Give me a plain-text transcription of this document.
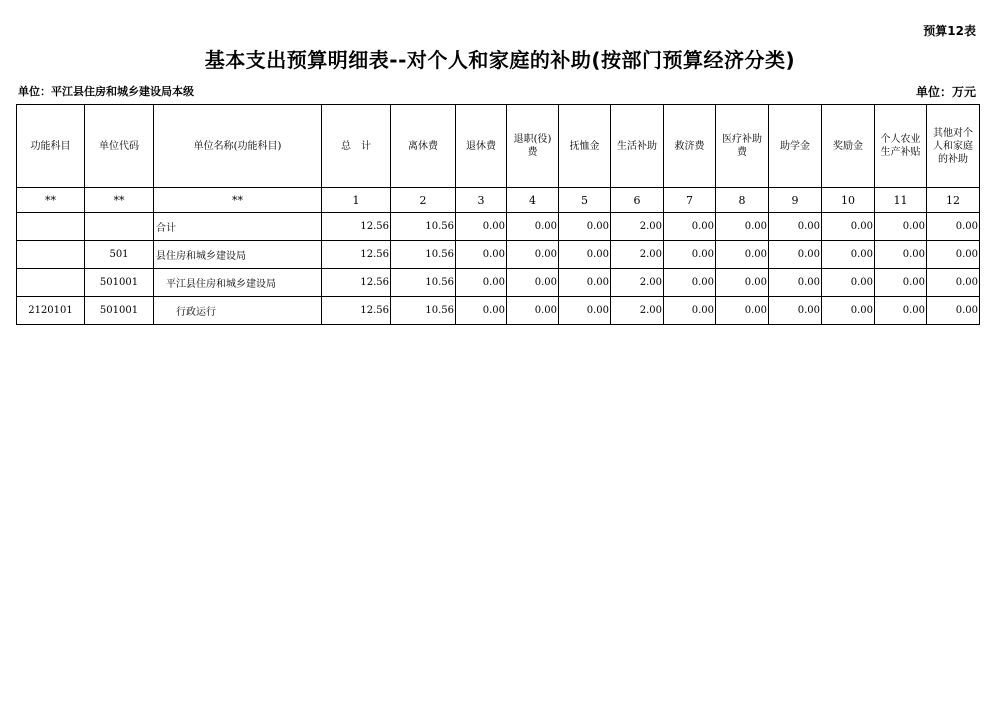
预算12表
基本支出预算明细表--对个人和家庭的补助(按部门预算经济分类)
单位：平江县住房和城乡建设局本级	单位：万元
功能科目	单位代码	单位名称(功能科目)	总　计	离休费	退休费	退职(役)费	抚恤金	生活补助	救济费	医疗补助费	助学金	奖励金	个人农业生产补贴	其他对个人和家庭的补助
**	**	**	1	2	3	4	5	6	7	8	9	10	11	12
		合计	12.56	10.56	0.00	0.00	0.00	2.00	0.00	0.00	0.00	0.00	0.00	0.00
	501	县住房和城乡建设局	12.56	10.56	0.00	0.00	0.00	2.00	0.00	0.00	0.00	0.00	0.00	0.00
	501001	平江县住房和城乡建设局	12.56	10.56	0.00	0.00	0.00	2.00	0.00	0.00	0.00	0.00	0.00	0.00
2120101	501001	行政运行	12.56	10.56	0.00	0.00	0.00	2.00	0.00	0.00	0.00	0.00	0.00	0.00
